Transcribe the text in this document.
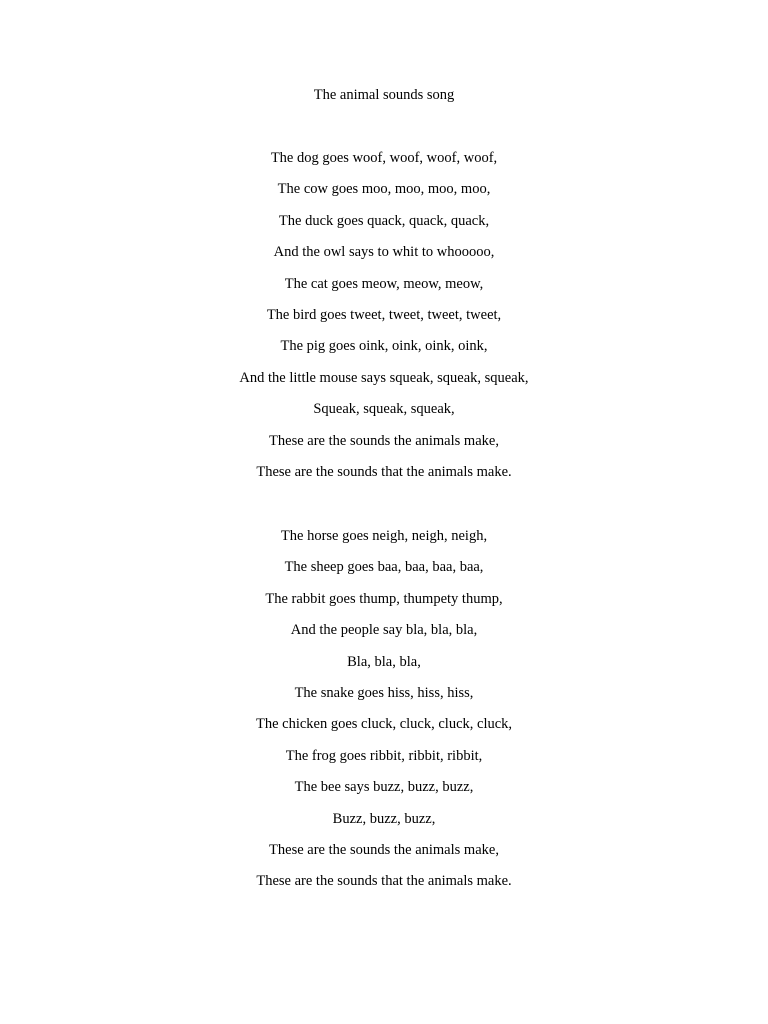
The animal sounds song
The dog goes woof, woof, woof, woof,
The cow goes moo, moo, moo, moo,
The duck goes quack, quack, quack,
And the owl says to whit to whooooo,
The cat goes meow, meow, meow,
The bird goes tweet, tweet, tweet, tweet,
The pig goes oink, oink, oink, oink,
And the little mouse says squeak, squeak, squeak,
Squeak, squeak, squeak,
These are the sounds the animals make,
These are the sounds that the animals make.
The horse goes neigh, neigh, neigh,
The sheep goes baa, baa, baa, baa,
The rabbit goes thump, thumpety thump,
And the people say bla, bla, bla,
Bla, bla, bla,
The snake goes hiss, hiss, hiss,
The chicken goes cluck, cluck, cluck, cluck,
The frog goes ribbit, ribbit, ribbit,
The bee says buzz, buzz, buzz,
Buzz, buzz, buzz,
These are the sounds the animals make,
These are the sounds that the animals make.
